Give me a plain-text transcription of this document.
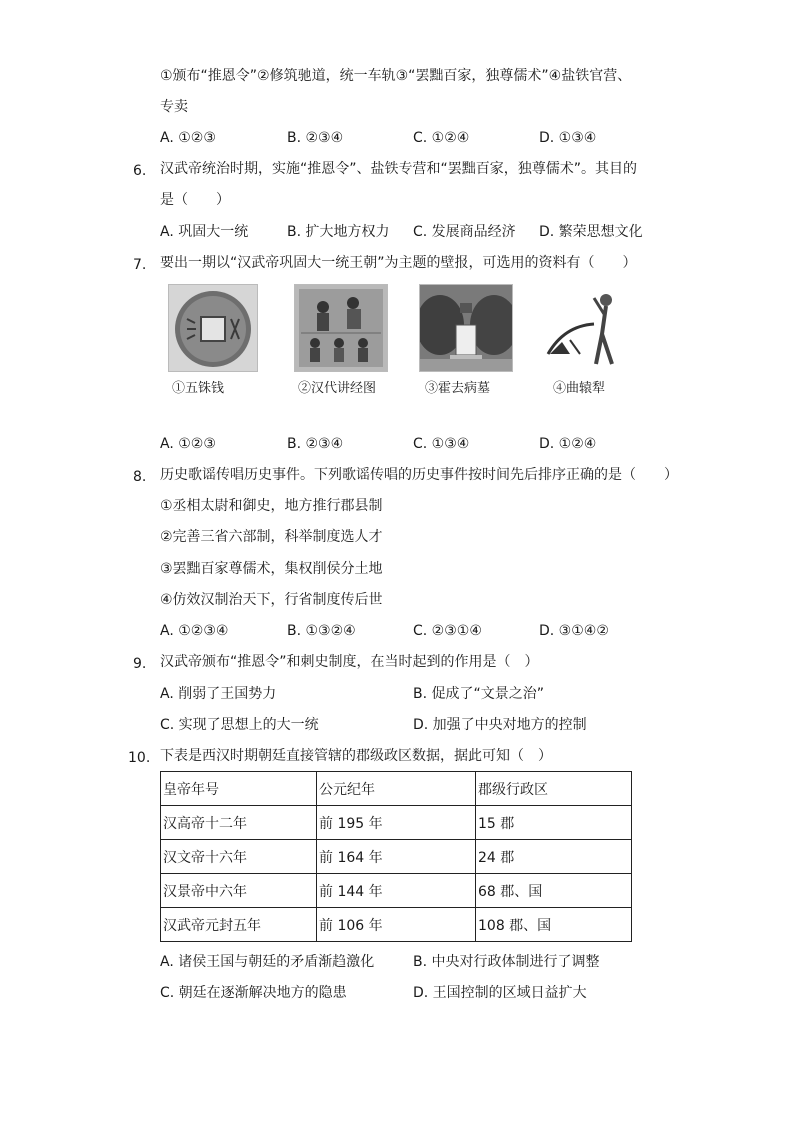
①颁布“推恩令”②修筑驰道，统一车轨③“罢黜百家，独尊儒术”④盐铁官营、
专卖
A. ①②③	B. ②③④	C. ①②④	D. ①③④
6. 汉武帝统治时期，实施“推恩令”、盐铁专营和“罢黜百家，独尊儒术”。其目的
是（　　）
A. 巩固大一统	B. 扩大地方权力 C. 发展商品经济 D. 繁荣思想文化
7. 要出一期以“汉武帝巩固大一统王朝”为主题的壁报，可选用的资料有（　　）
①五铢钱	②汉代讲经图	③霍去病墓	④曲辕犁
A. ①②③	B. ②③④	C. ①③④	D. ①②④
8. 历史歌谣传唱历史事件。下列歌谣传唱的历史事件按时间先后排序正确的是（　　）
①丞相太尉和御史，地方推行郡县制
②完善三省六部制，科举制度选人才
③罢黜百家尊儒术，集权削侯分土地
④仿效汉制治天下，行省制度传后世
A. ①②③④	B. ①③②④	C. ②③①④	D. ③①④②
9. 汉武帝颁布“推恩令”和刺史制度，在当时起到的作用是（　）
A. 削弱了王国势力	B. 促成了“文景之治”
C. 实现了思想上的大一统	D. 加强了中央对地方的控制
10. 下表是西汉时期朝廷直接管辖的郡级政区数据，据此可知（　）
皇帝年号	公元纪年	郡级行政区
汉高帝十二年	前 195 年	15 郡
汉文帝十六年	前 164 年	24 郡
汉景帝中六年	前 144 年	68 郡、国
汉武帝元封五年	前 106 年	108 郡、国
A. 诸侯王国与朝廷的矛盾渐趋激化	B. 中央对行政体制进行了调整
C. 朝廷在逐渐解决地方的隐患	D. 王国控制的区域日益扩大
